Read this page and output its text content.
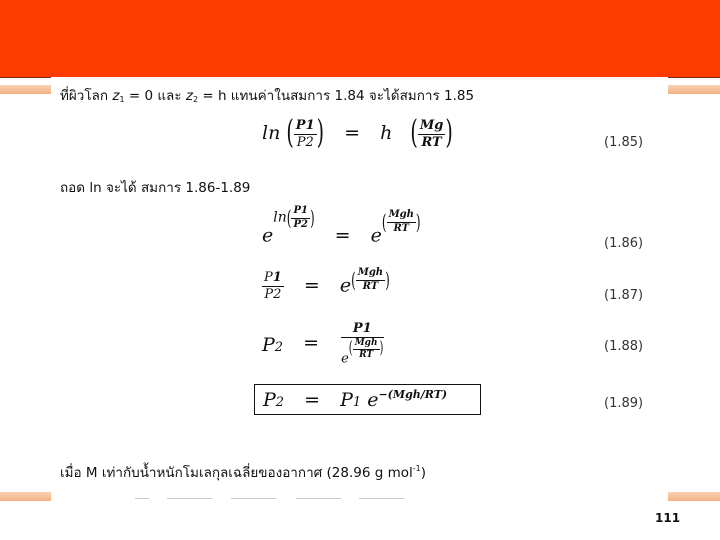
ที่ผิวโลก $z_1 = 0$ และ $z_2 = h$ แทนค่าในสมการ 1.84 จะได้สมการ 1.85
ln ( $\frac{P1}{P2}$ ) = h ( $\frac{Mg}{RT}$ )	(1.85)
ถอด ln จะได้ สมการ 1.86-1.89
$eln( \frac{P1}{P2}$ ) = $e( \frac{\text{Mgh}}{RT}$ )
(1.86)
$\frac{P1}{P2} = e( \frac{\text{Mgh}}{RT}$ )
(1.87)
$P2 = \frac{P1}{e( \frac{\text{Mgh}}{RT} )}$	(1.88)
P2 = P1 $e^{-(Mgh/RT)}$
(1.89)
เมื่อ M เท่ากับน้ำหนักโมเลกุลเฉลี่ยของอากาศ (28.96 g mol$^{-1}$)
111
